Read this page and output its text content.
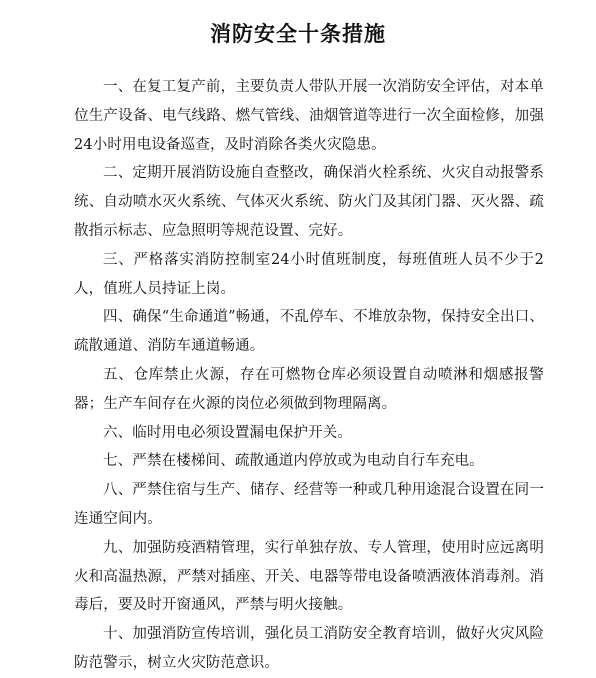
消防安全十条措施

一、在复工复产前，主要负责人带队开展一次消防安全评估，对本单位生产设备、电气线路、燃气管线、油烟管道等进行一次全面检修，加强24小时用电设备巡查，及时消除各类火灾隐患。

二、定期开展消防设施自查整改，确保消火栓系统、火灾自动报警系统、自动喷水灭火系统、气体灭火系统、防火门及其闭门器、灭火器、疏散指示标志、应急照明等规范设置、完好。

三、严格落实消防控制室24小时值班制度，每班值班人员不少于2人，值班人员持证上岗。

四、确保“生命通道”畅通，不乱停车、不堆放杂物，保持安全出口、疏散通道、消防车通道畅通。

五、仓库禁止火源，存在可燃物仓库必须设置自动喷淋和烟感报警器；生产车间存在火源的岗位必须做到物理隔离。

六、临时用电必须设置漏电保护开关。

七、严禁在楼梯间、疏散通道内停放或为电动自行车充电。

八、严禁住宿与生产、储存、经营等一种或几种用途混合设置在同一连通空间内。

九、加强防疫酒精管理，实行单独存放、专人管理，使用时应远离明火和高温热源，严禁对插座、开关、电器等带电设备喷洒液体消毒剂。消毒后，要及时开窗通风，严禁与明火接触。

十、加强消防宣传培训，强化员工消防安全教育培训，做好火灾风险防范警示，树立火灾防范意识。
